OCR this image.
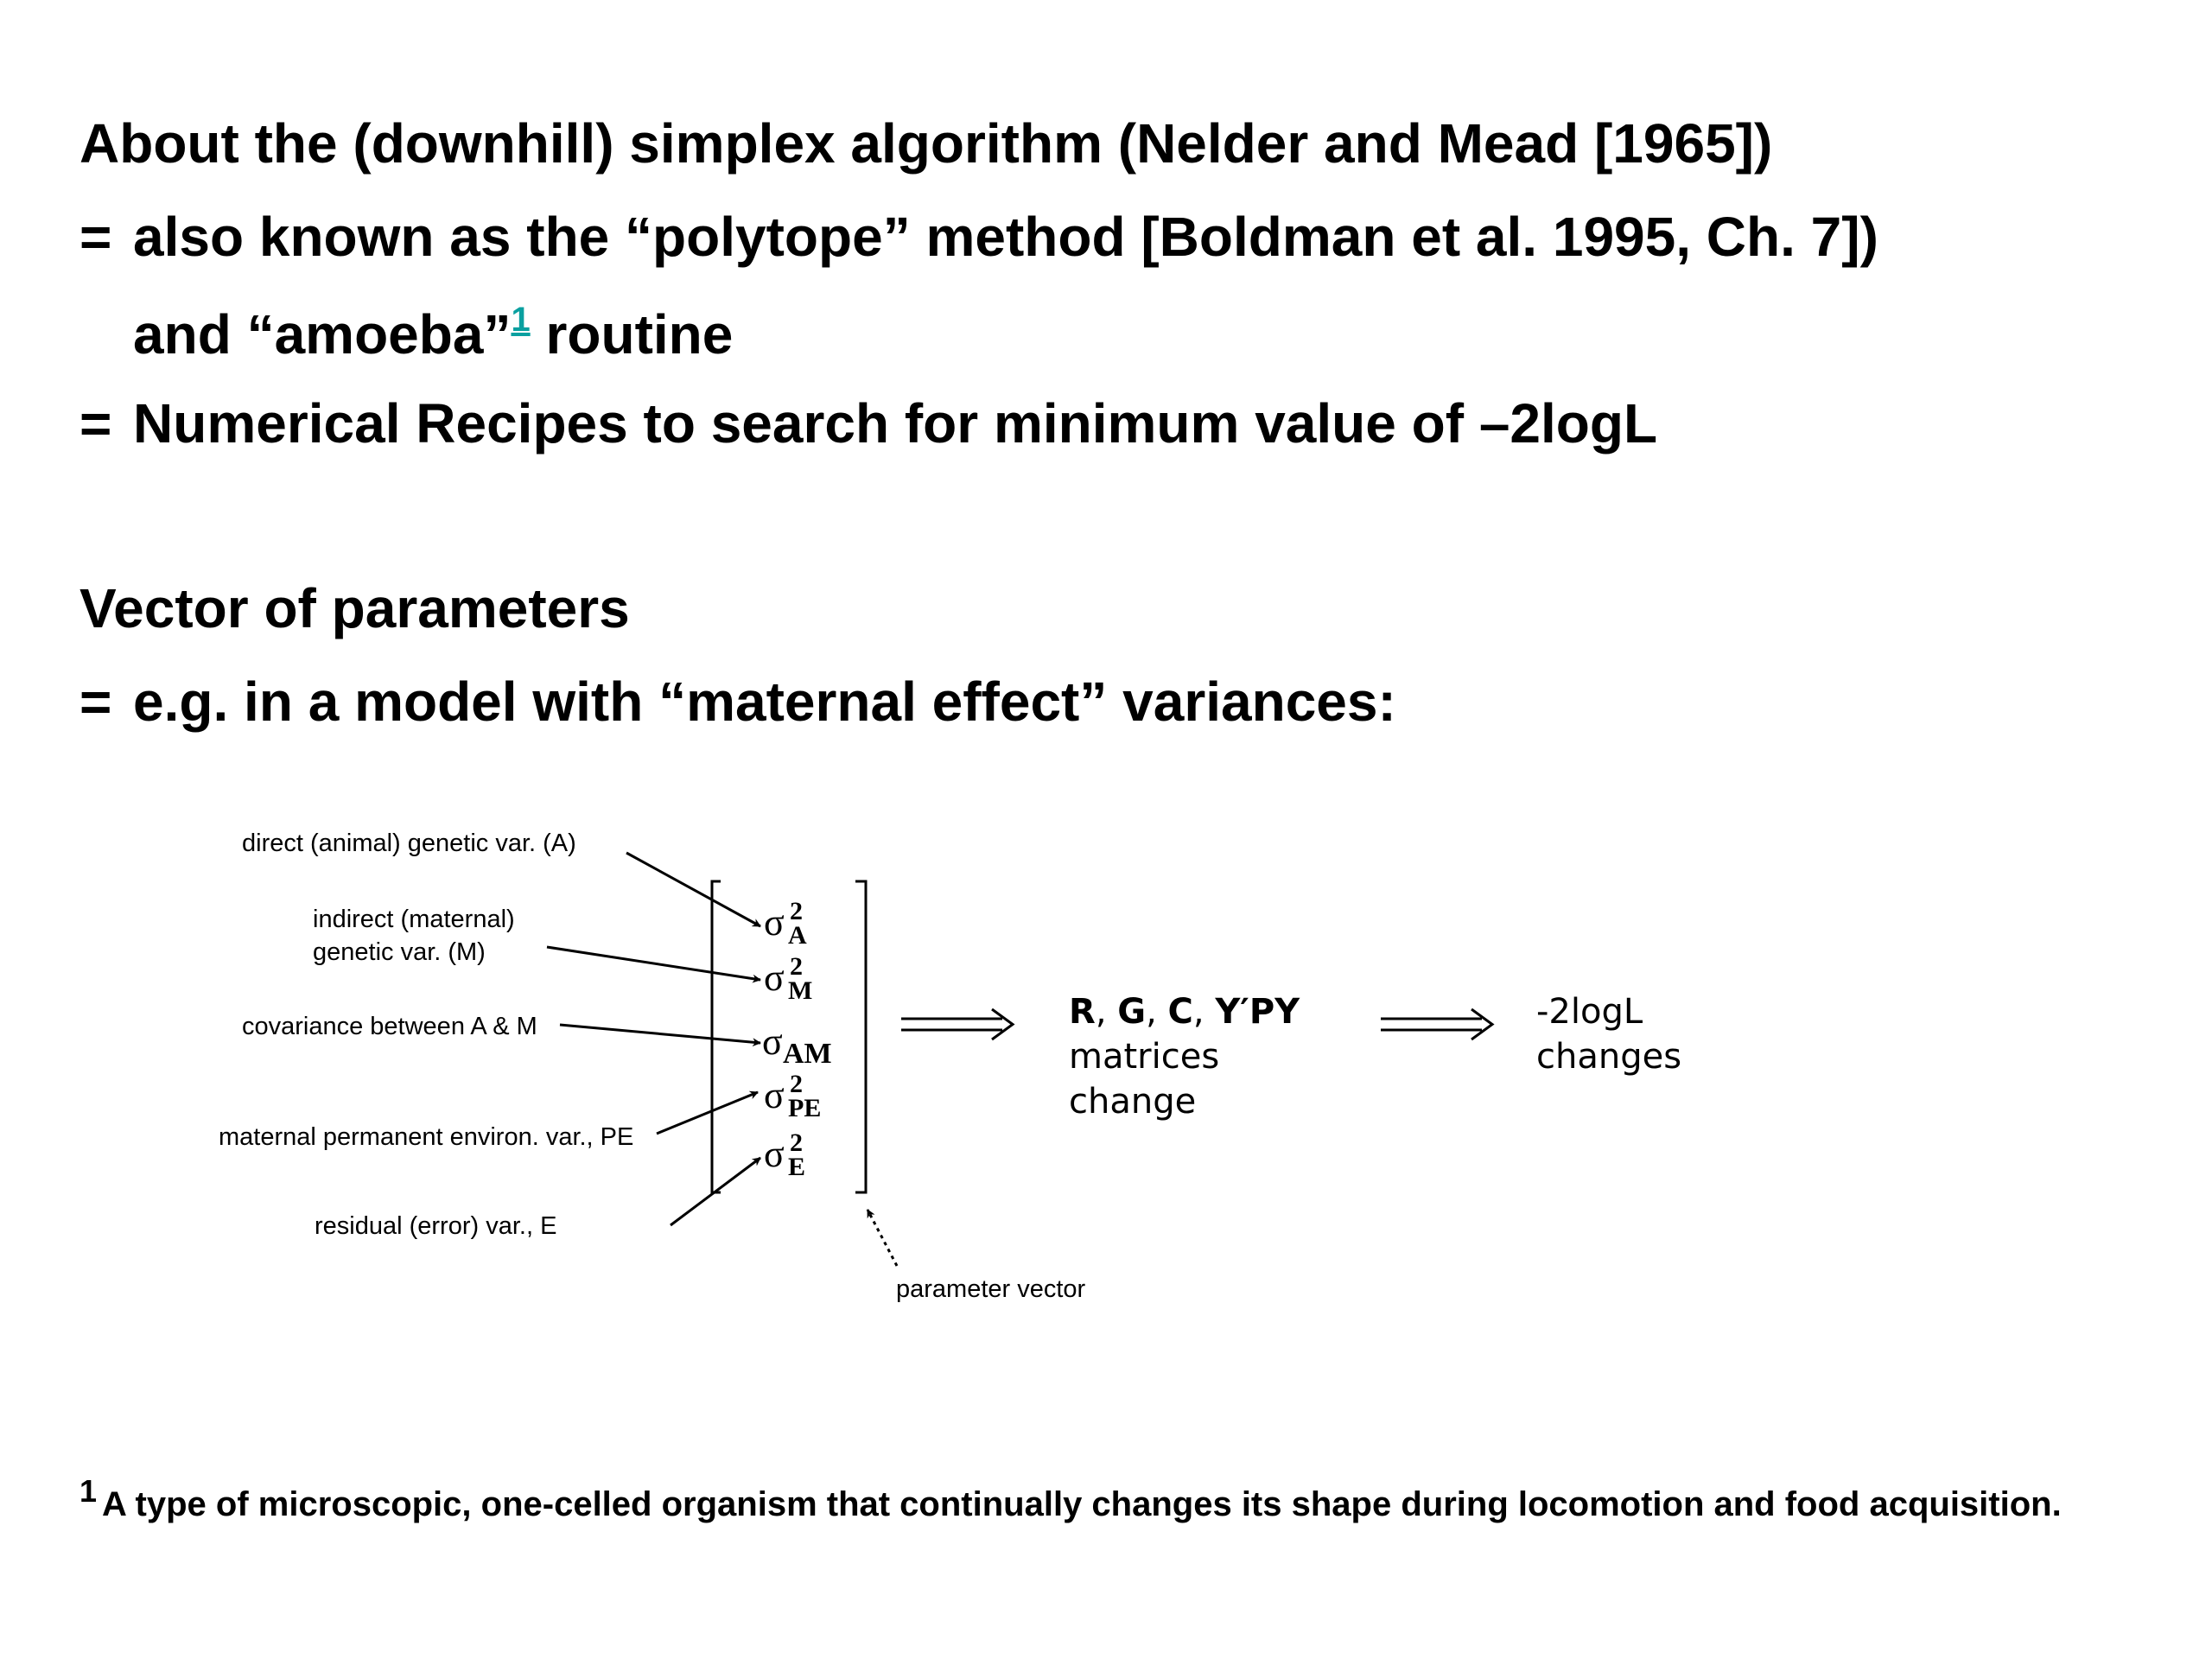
About the (downhill) simplex algorithm (Nelder and Mead [1965])
= also known as the “polytope” method [Boldman et al. 1995, Ch. 7])
and “amoeba”$^1$ routine
= Numerical Recipes to search for minimum value of –2logL
Vector of parameters
= e.g. in a model with “maternal effect” variances:
direct (animal) genetic var. (A)
indirect (maternal)
genetic var. (M)
covariance between A & M
maternal permanent environ. var., PE
residual (error) var., E
σ 2
A
σ 2
M
σ AM
σ 2
PE
σ 2
E
parameter vector
R, G, C, Y′PY
matrices
change
-2logL
changes
1 A type of microscopic, one-celled organism that continually changes its shape during locomotion and food acquisition.
